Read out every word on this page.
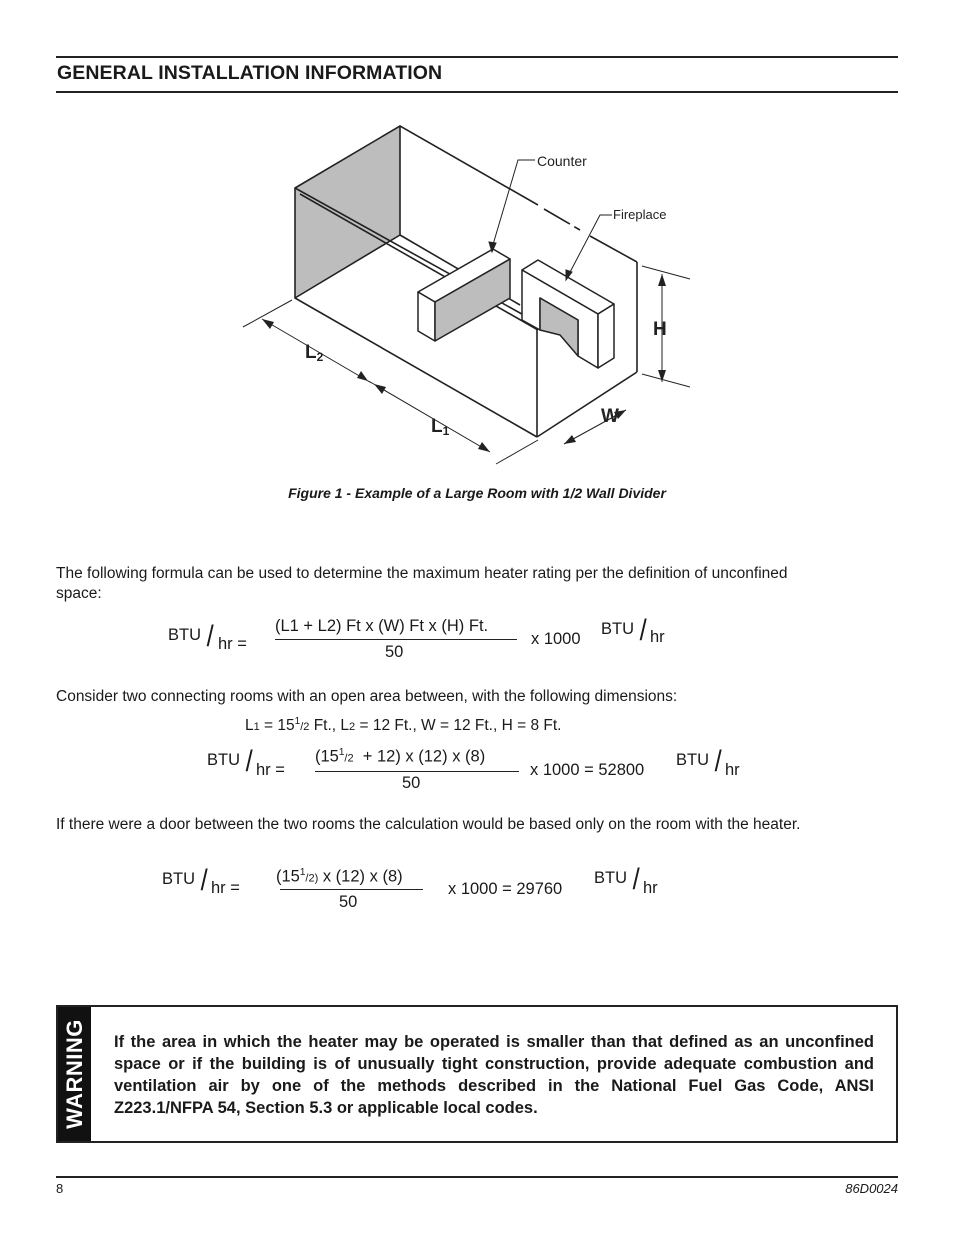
GENERAL INSTALLATION INFORMATION
Counter
Fireplace
H
W
L2
L1
Figure 1 - Example of a Large Room with 1/2 Wall Divider
The following formula can be used to determine the maximum heater rating per the definition of unconfined space:
BTU / hr =
(L1 + L2) Ft x (W) Ft x (H) Ft.
50
x 1000
BTU / hr
Consider two connecting rooms with an open area between, with the following dimensions:
$L1 = 15^1/2$ Ft., L2 = 12 Ft., W = 12 Ft., H = 8 Ft.
BTU / hr =
$(15^1/2 + 12)$ x (12) x (8)
50
x 1000 = 52800
BTU / hr
If there were a door between the two rooms the calculation would be based only on the room with the heater.
BTU / hr =
$(15^1/2)$ x (12) x (8)
50
x 1000 = 29760
BTU / hr
WARNING If the area in which the heater may be operated is smaller than that defined as an unconfined space or if the building is of unusually tight construction, provide adequate combustion and ventilation air by one of the methods described in the National Fuel Gas Code, ANSI Z223.1/NFPA 54, Section 5.3 or applicable local codes.
8	86D0024
